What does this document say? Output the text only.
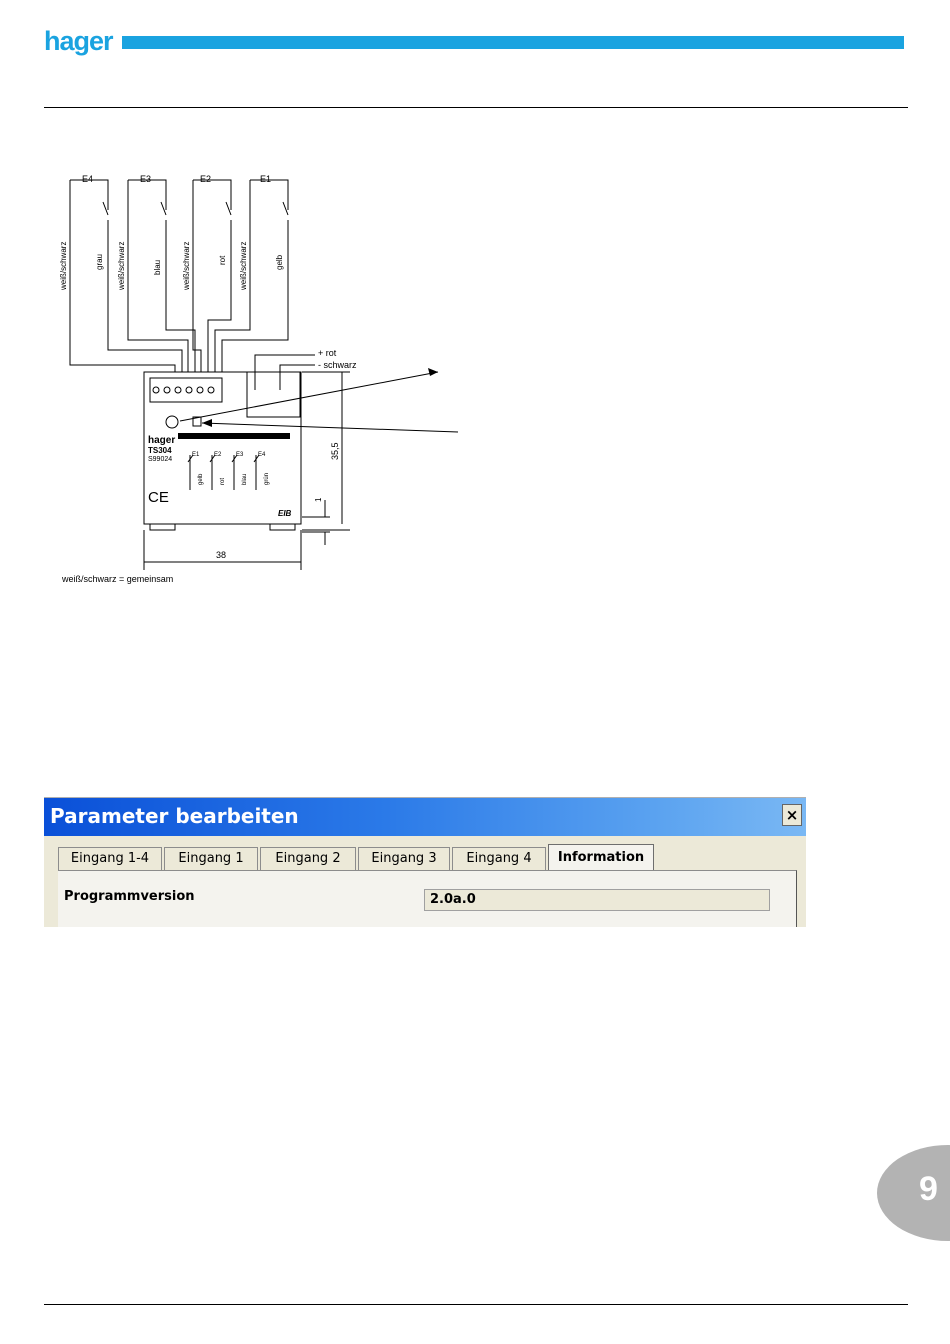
hager
E4	E3	E2	E1
weiß/schwarz	grau weiß/schwarz	blau	weiß/schwarz	rot weiß/schwarz	gelb
+ rot
- schwarz
hager
TS304
S99024
E1 E2 E3 E4
gelb	rot	blau	grün
CE
EIB
38
35,5
1
weiß/schwarz = gemeinsam
Parameter bearbeiten	×
Eingang 1-4	Eingang 1	Eingang 2	Eingang 3	Eingang 4	Information
Programmversion	2.0a.0
9
